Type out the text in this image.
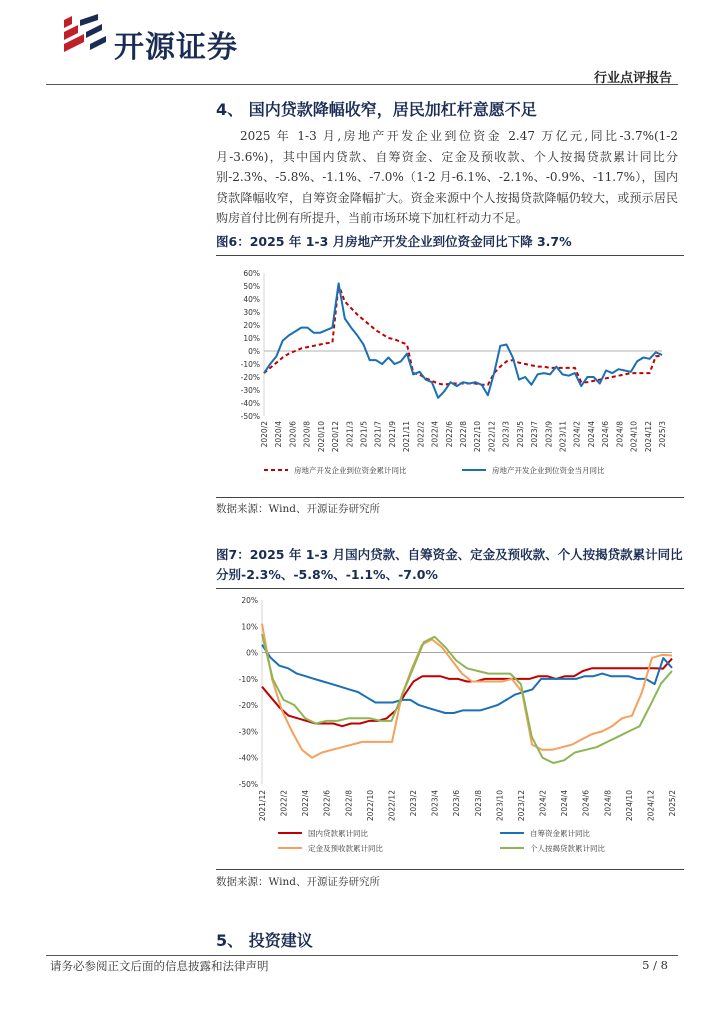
开源证券
行业点评报告
4、 国内贷款降幅收窄，居民加杠杆意愿不足

2025 年 1-3 月,房地产开发企业到位资金 2.47 万亿元,同比-3.7%(1-2 月-3.6%)，其中国内贷款、自筹资金、定金及预收款、个人按揭贷款累计同比分别-2.3%、-5.8%、-1.1%、-7.0%（1-2 月-6.1%、-2.1%、-0.9%、-11.7%），国内贷款降幅收窄，自筹资金降幅扩大。资金来源中个人按揭贷款降幅仍较大，或预示居民购房首付比例有所提升，当前市场环境下加杠杆动力不足。

图6：2025 年 1-3 月房地产开发企业到位资金同比下降 3.7%
60%
50%
40%
30%
20%
10%
0%
-10%
-20%
-30%
-40%
-50%
2020/2 2020/4 2020/6 2020/8 2020/10 2020/12 2021/3 2021/5 2021/7 2021/9 2021/11 2022/2 2022/4 2022/6 2022/8 2022/10 2022/12 2023/3 2023/5 2023/7 2023/9 2023/11 2024/2 2024/4 2024/6 2024/8 2024/10 2024/12 2025/3
房地产开发企业到位资金累计同比	房地产开发企业到位资金当月同比
数据来源：Wind、开源证券研究所
图7：2025 年 1-3 月国内贷款、自筹资金、定金及预收款、个人按揭贷款累计同比分别-2.3%、-5.8%、-1.1%、-7.0%
20%
10%
0%
-10%
-20%
-30%
-40%
-50%
2021/12 2022/2 2022/4 2022/6 2022/8 2022/10 2022/12 2023/2 2023/4 2023/6 2023/8 2023/10 2023/12 2024/2 2024/4 2024/6 2024/8 2024/10 2024/12 2025/2
国内贷款累计同比	自筹资金累计同比
定金及预收款累计同比	个人按揭贷款累计同比
数据来源：Wind、开源证券研究所
5、 投资建议
请务必参阅正文后面的信息披露和法律声明	5 / 8
